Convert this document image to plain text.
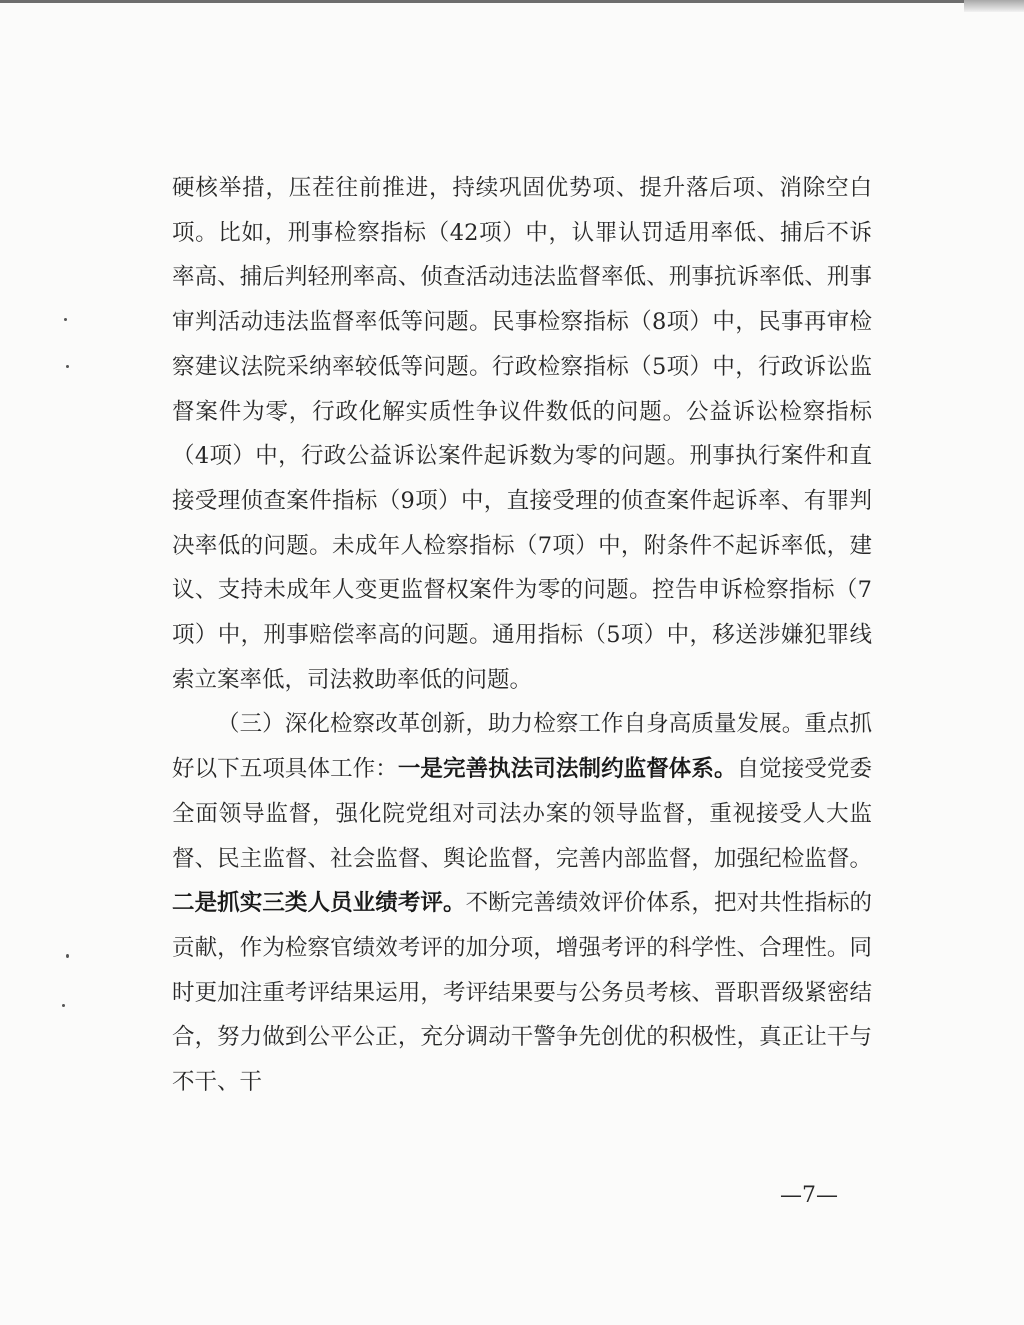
硬核举措，压茬往前推进，持续巩固优势项、提升落后项、消除空白项。比如，刑事检察指标（42项）中，认罪认罚适用率低、捕后不诉率高、捕后判轻刑率高、侦查活动违法监督率低、刑事抗诉率低、刑事审判活动违法监督率低等问题。民事检察指标（8项）中，民事再审检察建议法院采纳率较低等问题。行政检察指标（5项）中，行政诉讼监督案件为零，行政化解实质性争议件数低的问题。公益诉讼检察指标（4项）中，行政公益诉讼案件起诉数为零的问题。刑事执行案件和直接受理侦查案件指标（9项）中，直接受理的侦查案件起诉率、有罪判决率低的问题。未成年人检察指标（7项）中，附条件不起诉率低，建议、支持未成年人变更监督权案件为零的问题。控告申诉检察指标（7项）中，刑事赔偿率高的问题。通用指标（5项）中，移送涉嫌犯罪线索立案率低，司法救助率低的问题。

（三）深化检察改革创新，助力检察工作自身高质量发展。重点抓好以下五项具体工作：一是完善执法司法制约监督体系。自觉接受党委全面领导监督，强化院党组对司法办案的领导监督，重视接受人大监督、民主监督、社会监督、舆论监督，完善内部监督，加强纪检监督。二是抓实三类人员业绩考评。不断完善绩效评价体系，把对共性指标的贡献，作为检察官绩效考评的加分项，增强考评的科学性、合理性。同时更加注重考评结果运用，考评结果要与公务员考核、晋职晋级紧密结合，努力做到公平公正，充分调动干警争先创优的积极性，真正让干与不干、干

—7—
